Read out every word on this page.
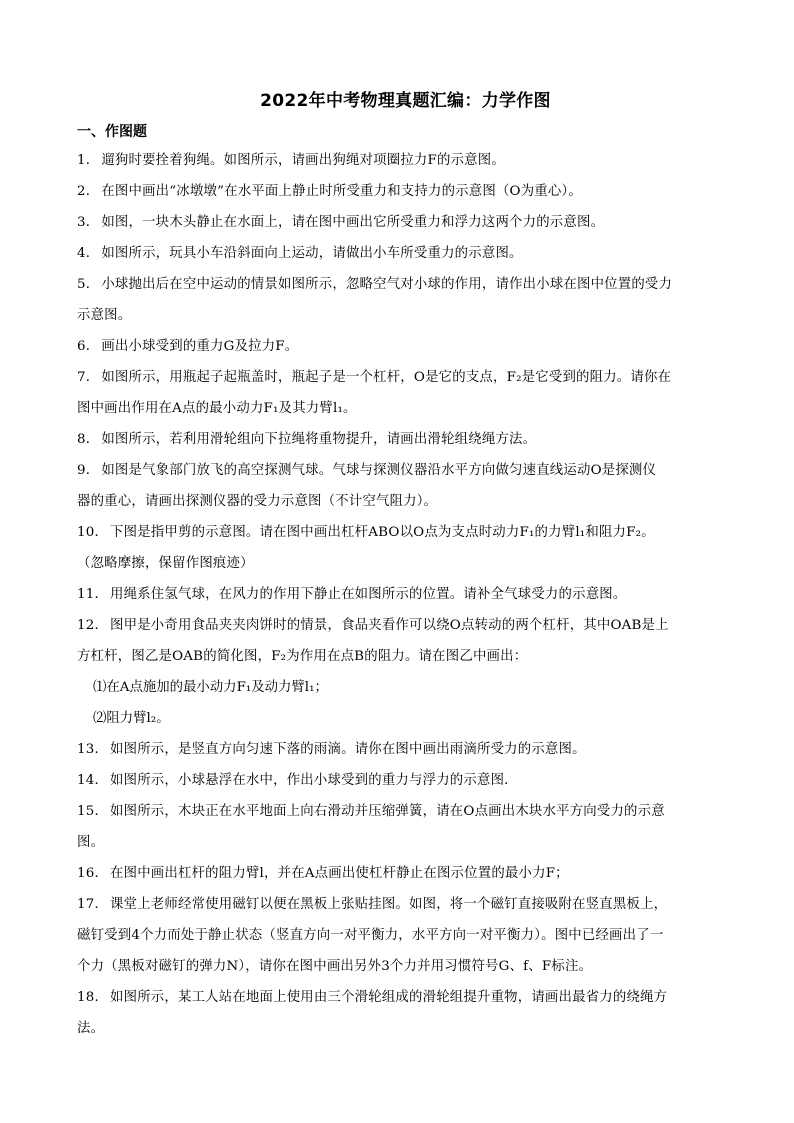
2022年中考物理真题汇编：力学作图
一、作图题

1． 遛狗时要拴着狗绳。如图所示，请画出狗绳对项圈拉力F的示意图。

2． 在图中画出“冰墩墩”在水平面上静止时所受重力和支持力的示意图（O为重心）。

3． 如图，一块木头静止在水面上，请在图中画出它所受重力和浮力这两个力的示意图。

4． 如图所示，玩具小车沿斜面向上运动，请做出小车所受重力的示意图。

5． 小球抛出后在空中运动的情景如图所示，忽略空气对小球的作用，请作出小球在图中位置的受力

示意图。

6． 画出小球受到的重力G及拉力F。

7． 如图所示，用瓶起子起瓶盖时，瓶起子是一个杠杆，O是它的支点，F₂是它受到的阻力。请你在

图中画出作用在A点的最小动力F₁及其力臂l₁。

8． 如图所示，若利用滑轮组向下拉绳将重物提升，请画出滑轮组绕绳方法。

9． 如图是气象部门放飞的高空探测气球。气球与探测仪器沿水平方向做匀速直线运动O是探测仪

器的重心，请画出探测仪器的受力示意图（不计空气阻力）。

10． 下图是指甲剪的示意图。请在图中画出杠杆ABO以O点为支点时动力F₁的力臂l₁和阻力F₂。

（忽略摩擦，保留作图痕迹）

11． 用绳系住氢气球，在风力的作用下静止在如图所示的位置。请补全气球受力的示意图。

12． 图甲是小奇用食品夹夹肉饼时的情景，食品夹看作可以绕O点转动的两个杠杆，其中OAB是上

方杠杆，图乙是OAB的简化图，F₂为作用在点B的阻力。请在图乙中画出：

⑴在A点施加的最小动力F₁及动力臂l₁；

⑵阻力臂l₂。

13． 如图所示，是竖直方向匀速下落的雨滴。请你在图中画出雨滴所受力的示意图。

14． 如图所示，小球悬浮在水中，作出小球受到的重力与浮力的示意图．

15． 如图所示，木块正在水平地面上向右滑动并压缩弹簧，请在O点画出木块水平方向受力的示意

图。

16． 在图中画出杠杆的阻力臂l，并在A点画出使杠杆静止在图示位置的最小力F；

17． 课堂上老师经常使用磁钉以便在黑板上张贴挂图。如图，将一个磁钉直接吸附在竖直黑板上，

磁钉受到4个力而处于静止状态（竖直方向一对平衡力，水平方向一对平衡力）。图中已经画出了一

个力（黑板对磁钉的弹力N），请你在图中画出另外3个力并用习惯符号G、f、F标注。

18． 如图所示，某工人站在地面上使用由三个滑轮组成的滑轮组提升重物，请画出最省力的绕绳方

法。
